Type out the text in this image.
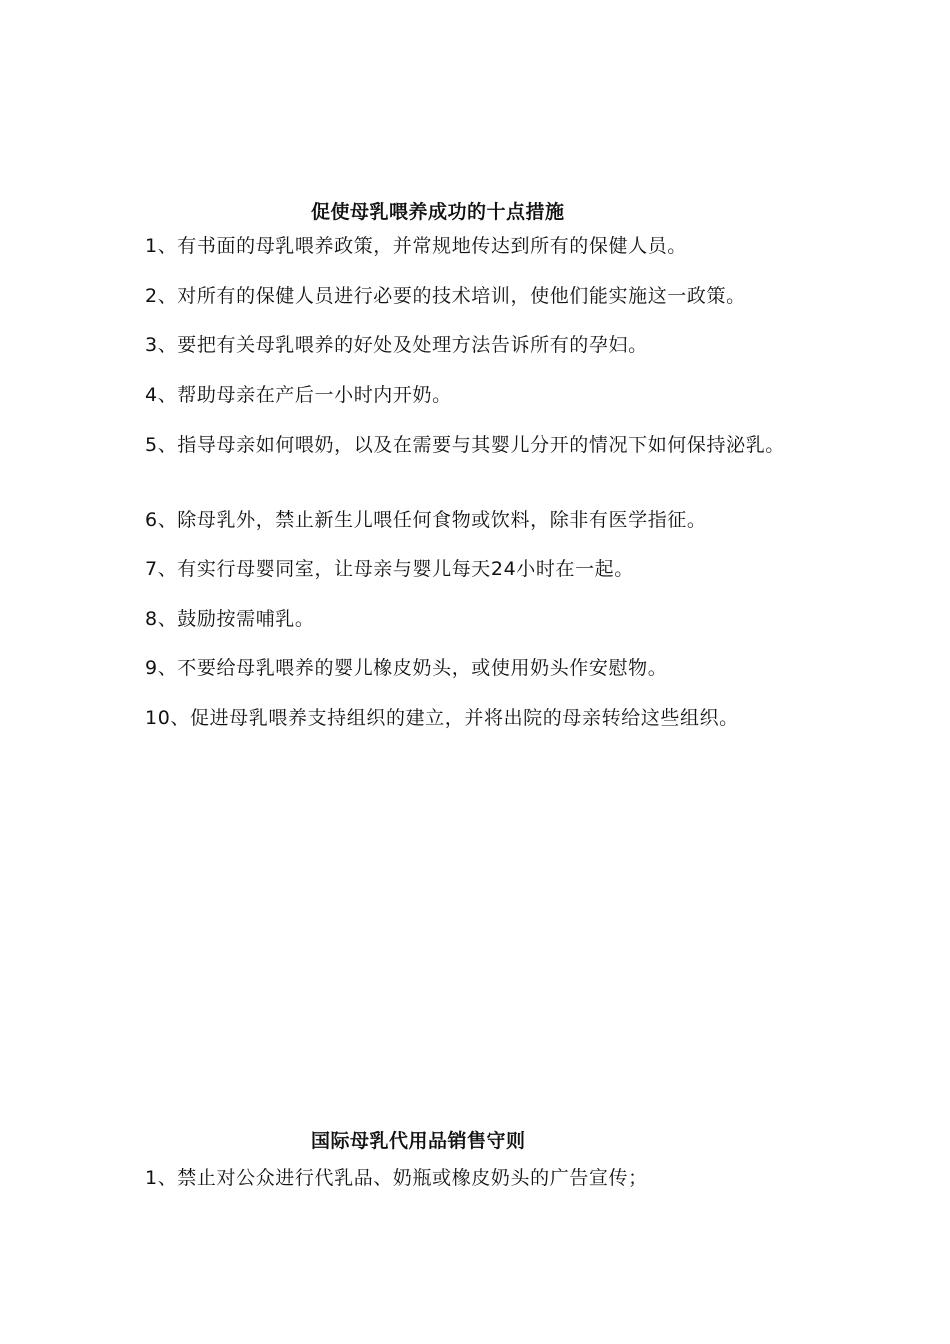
促使母乳喂养成功的十点措施
1、有书面的母乳喂养政策，并常规地传达到所有的保健人员。
2、对所有的保健人员进行必要的技术培训，使他们能实施这一政策。
3、要把有关母乳喂养的好处及处理方法告诉所有的孕妇。
4、帮助母亲在产后一小时内开奶。
5、指导母亲如何喂奶，以及在需要与其婴儿分开的情况下如何保持泌乳。
6、除母乳外，禁止新生儿喂任何食物或饮料，除非有医学指征。
7、有实行母婴同室，让母亲与婴儿每天24小时在一起。
8、鼓励按需哺乳。
9、不要给母乳喂养的婴儿橡皮奶头，或使用奶头作安慰物。
10、促进母乳喂养支持组织的建立，并将出院的母亲转给这些组织。
国际母乳代用品销售守则
1、禁止对公众进行代乳品、奶瓶或橡皮奶头的广告宣传；
